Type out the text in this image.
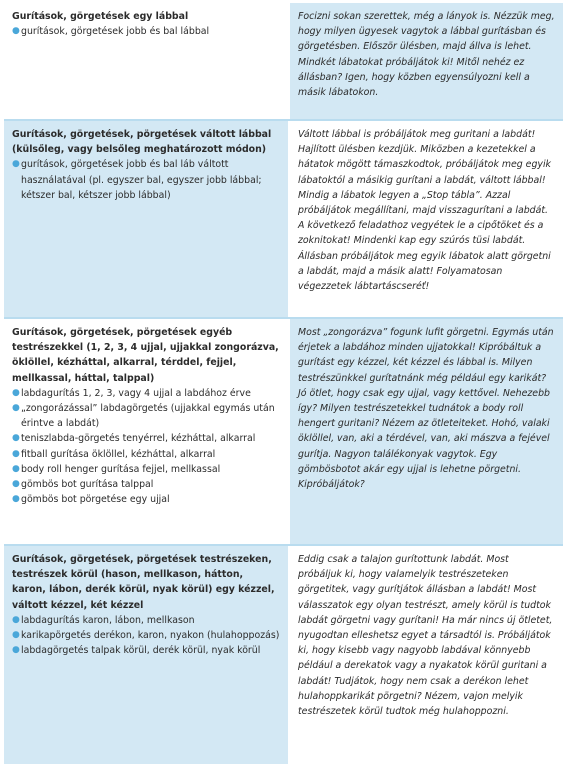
Gurítások, görgetések egy lábbal

● gurítások, görgetések jobb és bal lábbal

Focizni sokan szerettek, még a lányok is. Nézzük meg, hogy milyen ügyesek vagytok a lábbal gurításban és görgetésben. Először ülésben, majd állva is lehet. Mindkét lábatokat próbáljátok ki! Mitől nehéz ez állásban? Igen, hogy közben egyensúlyozni kell a másik lábatokon.

Gurítások, görgetések, pörgetések váltott lábbal (külsőleg, vagy belsőleg meghatározott módon)

● gurítások, görgetések jobb és bal láb váltott használatával (pl. egyszer bal, egyszer jobb lábbal; kétszer bal, kétszer jobb lábbal)

Váltott lábbal is próbáljátok meg guritani a labdát! Hajlított ülésben kezdjük. Miközben a kezetekkel a hátatok mögött támaszkodtok, próbáljátok meg egyik lábatoktól a másikig gurítani a labdát, váltott lábbal! Mindig a lábatok legyen a „Stop tábla”. Azzal próbáljátok megállítani, majd visszagurítani a labdát. A következő feladathoz vegyétek le a cipőtöket és a zoknitokat! Mindenki kap egy szúrós tüsi labdát. Állásban próbáljátok meg egyik lábatok alatt görgetni a labdát, majd a másik alatt! Folyamatosan végezzetek lábtartáscseréť!

Gurítások, görgetések, pörgetések egyéb testrészekkel (1, 2, 3, 4 ujjal, ujjakkal zongorázva, öklöllel, kézháttal, alkarral, térddel, fejjel, mellkassal, háttal, talppal)

● labdagurítás 1, 2, 3, vagy 4 ujjal a labdához érve
● „zongorázással” labdagörgetés (ujjakkal egymás után érintve a labdát)
● teniszlabda-görgetés tenyérrel, kézháttal, alkarral
● fitball gurítása öklöllel, kézháttal, alkarral
● body roll henger gurítása fejjel, mellkassal
● gömbös bot gurítása talppal
● gömbös bot pörgetése egy ujjal

Most „zongorázva” fogunk lufit görgetni. Egymás után érjetek a labdához minden ujjatokkal! Kipróbáltuk a gurítást egy kézzel, két kézzel és lábbal is. Milyen testrészünkkel gurítatnánk még például egy karikát? Jó ötlet, hogy csak egy ujjal, vagy kettővel. Nehezebb így? Milyen testrészetekkel tudnátok a body roll hengert guritani? Nézem az ötleteiteket. Hohó, valaki öklöllel, van, aki a térdével, van, aki mászva a fejével gurítja. Nagyon találékonyak vagytok. Egy gömbösbotot akár egy ujjal is lehetne pörgetni. Kipróbáljátok?

Gurítások, görgetések, pörgetések testrészeken, testrészek körül (hason, mellkason, hátton, karon, lábon, derék körül, nyak körül) egy kézzel, váltott kézzel, két kézzel

● labdagurítás karon, lábon, mellkason
● karikapörgetés derékon, karon, nyakon (hulahoppozás)
● labdagörgetés talpak körül, derék körül, nyak körül

Eddig csak a talajon gurítottunk labdát. Most próbáljuk ki, hogy valamelyik testrészeteken görgetitek, vagy gurítjátok állásban a labdát! Most válasszatok egy olyan testrészt, amely körül is tudtok labdát görgetni vagy gurítani! Ha már nincs új ötletet, nyugodtan elleshetsz egyet a társadtól is. Próbáljátok ki, hogy kisebb vagy nagyobb labdával könnyebb például a derekatok vagy a nyakatok körül guritani a labdát! Tudjátok, hogy nem csak a derékon lehet hulahoppkarikát pörgetni? Nézem, vajon melyik testrészetek körül tudtok még hulahoppozni.
